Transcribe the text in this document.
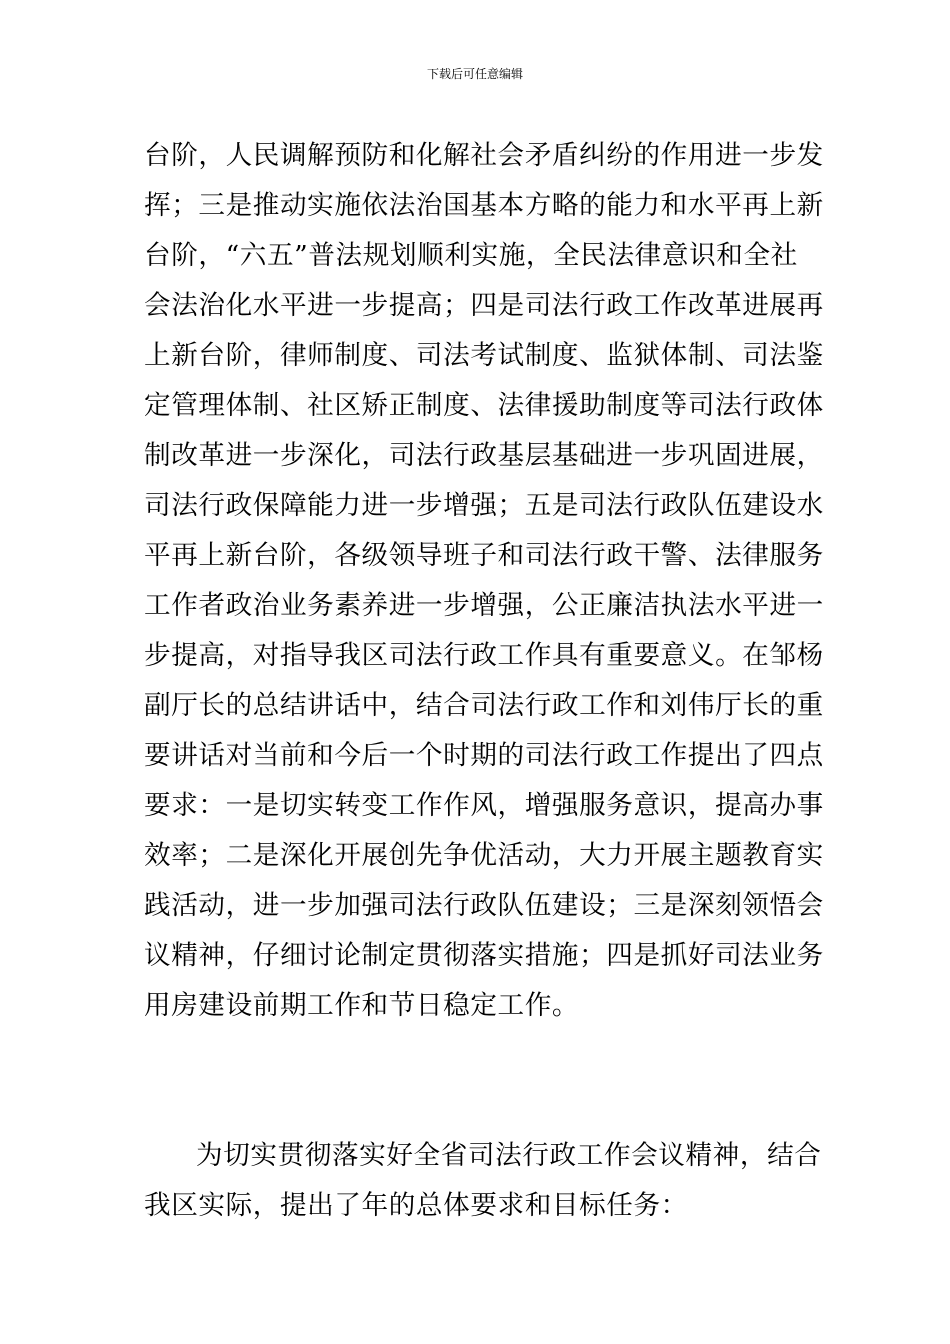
下载后可任意编辑
台阶，人民调解预防和化解社会矛盾纠纷的作用进一步发
挥；三是推动实施依法治国基本方略的能力和水平再上新
台阶，“六五”普法规划顺利实施，全民法律意识和全社
会法治化水平进一步提高；四是司法行政工作改革进展再
上新台阶，律师制度、司法考试制度、监狱体制、司法鉴
定管理体制、社区矫正制度、法律援助制度等司法行政体
制改革进一步深化，司法行政基层基础进一步巩固进展，
司法行政保障能力进一步增强；五是司法行政队伍建设水
平再上新台阶，各级领导班子和司法行政干警、法律服务
工作者政治业务素养进一步增强，公正廉洁执法水平进一
步提高，对指导我区司法行政工作具有重要意义。在邹杨
副厅长的总结讲话中，结合司法行政工作和刘伟厅长的重
要讲话对当前和今后一个时期的司法行政工作提出了四点
要求：一是切实转变工作作风，增强服务意识，提高办事
效率；二是深化开展创先争优活动，大力开展主题教育实
践活动，进一步加强司法行政队伍建设；三是深刻领悟会
议精神，仔细讨论制定贯彻落实措施；四是抓好司法业务
用房建设前期工作和节日稳定工作。
为切实贯彻落实好全省司法行政工作会议精神，结合
我区实际，提出了年的总体要求和目标任务：
